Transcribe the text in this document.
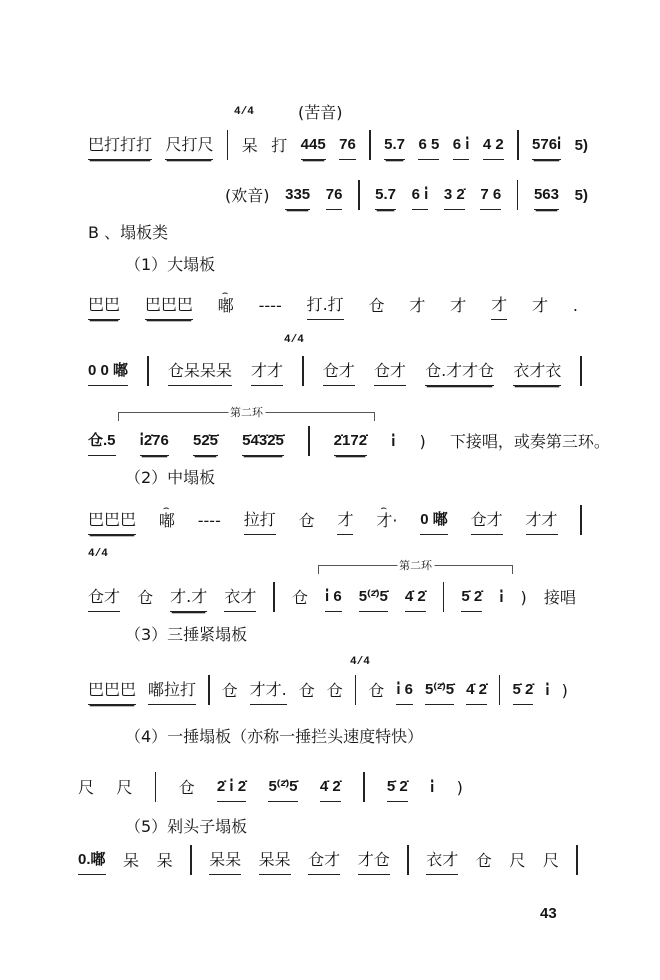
4/4	(苦音)
巴打打打 尺打尺 呆 打 445 76 5.7 6 5 6 i̇ 4 2 576i̇ 5)
(欢音) 335 76 5.7 6 i̇ 3 2̇ 7 6 563 5)
B 、塌板类
（1）大塌板
巴巴 巴巴巴 ⌢ 嘟 ---- 打.打 仓 才 才 才 才 .
4/4
0 0 嘟 仓呆呆呆 才才 仓才 仓才 仓.才才仓 衣才衣
第二环
仓.5 i̇2̇76 52̇5̇ 5̇4̇3̇2̇5̇	2̇172̇ i̇ ) 下接唱，或奏第三环。
（2）中塌板
巴巴巴 ⌢ 嘟 ---- 拉打 仓 才 ⌢ 才· 0 嘟 仓才 才才
4/4
第二环
仓才 仓 才.才 衣才 仓 i̇ 6 5⁽²̇⁾5̇ 4̇ 2̇ 5̇ 2̇ i̇ ) 接唱
（3）三捶紧塌板
4/4
巴巴巴 嘟拉打 仓 才才. 仓 仓 仓 i̇ 6 5⁽²̇⁾5̇ 4̇ 2̇ 5̇ 2̇ i̇ )
（4）一捶塌板（亦称一捶拦头速度特快）
尺 尺	仓 2̇ i̇ 2̇ 5⁽²̇⁾5̇ 4̇ 2̇	5̇ 2̇ i̇ )
（5）剁头子塌板
0.嘟 呆 呆 呆呆 呆呆 仓才 才仓 衣才 仓 尺 尺
43
